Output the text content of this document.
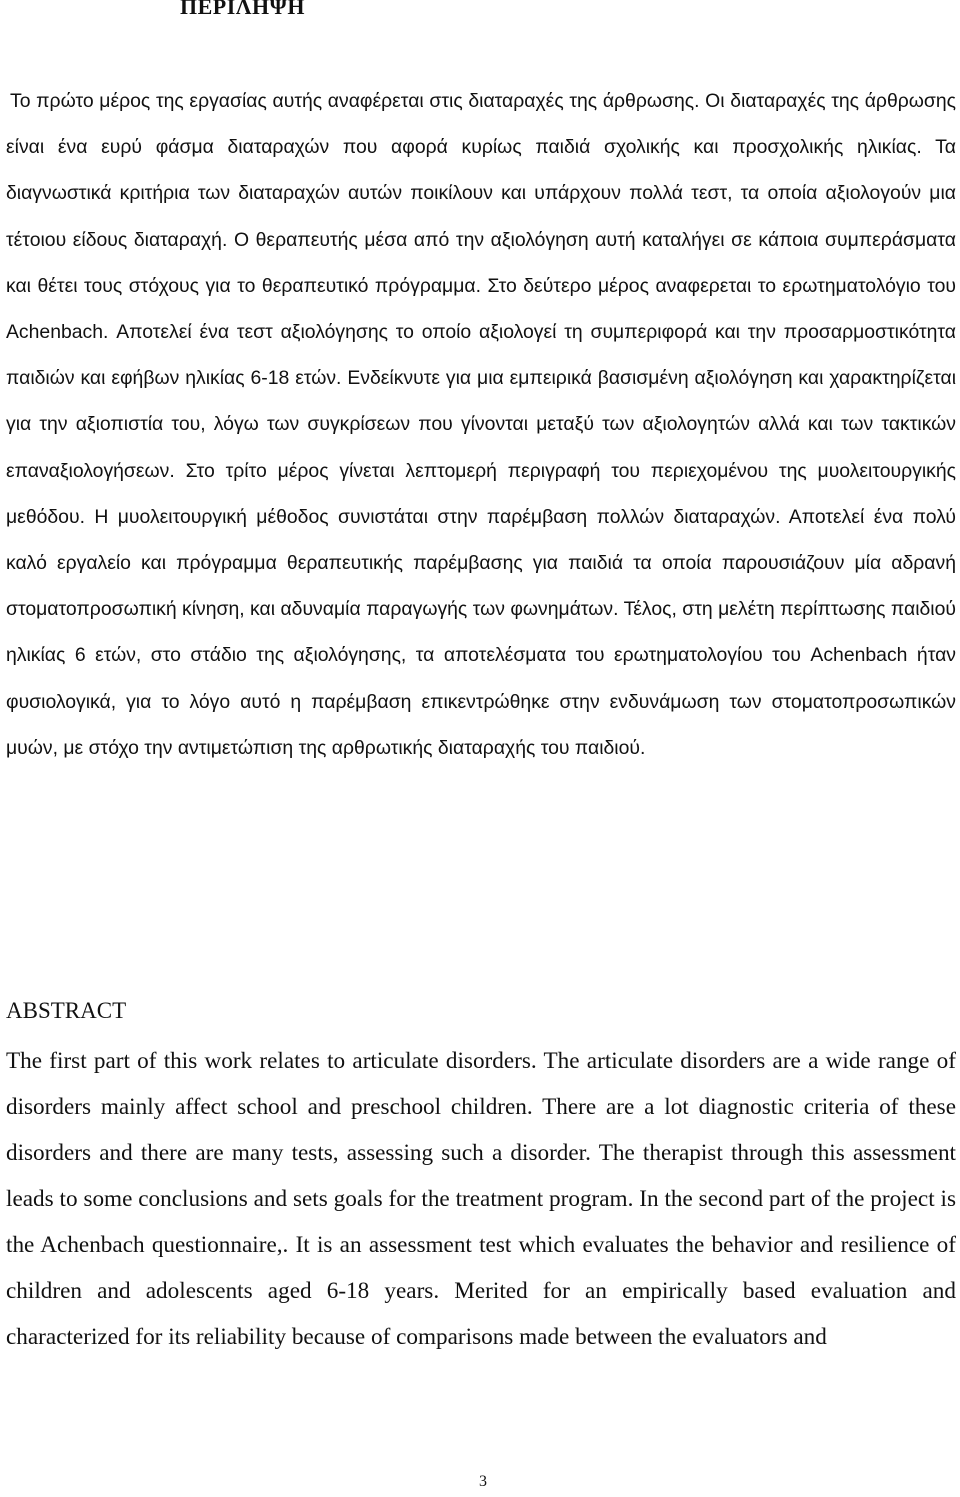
ΠΕΡΙΛΗΨΗ

Το πρώτο μέρος της εργασίας αυτής αναφέρεται στις διαταραχές της άρθρωσης. Οι διαταραχές της άρθρωσης είναι ένα ευρύ φάσμα διαταραχών που αφορά κυρίως παιδιά σχολικής και προσχολικής ηλικίας. Τα διαγνωστικά κριτήρια των διαταραχών αυτών ποικίλουν και υπάρχουν πολλά τεστ, τα οποία αξιολογούν μια τέτοιου είδους διαταραχή. Ο θεραπευτής μέσα από την αξιολόγηση αυτή καταλήγει σε κάποια συμπεράσματα και θέτει τους στόχους για το θεραπευτικό πρόγραμμα. Στο δεύτερο μέρος αναφερεται το ερωτηματολόγιο του Achenbach. Αποτελεί ένα τεστ αξιολόγησης το οποίο αξιολογεί τη συμπεριφορά και την προσαρμοστικότητα παιδιών και εφήβων ηλικίας 6-18 ετών. Ενδείκνυτε για μια εμπειρικά βασισμένη αξιολόγηση και χαρακτηρίζεται για την αξιοπιστία του, λόγω των συγκρίσεων που γίνονται μεταξύ των αξιολογητών αλλά και των τακτικών επαναξιολογήσεων. Στο τρίτο μέρος γίνεται λεπτομερή περιγραφή του περιεχομένου της μυολειτουργικής μεθόδου. Η μυολειτουργική μέθοδος συνιστάται στην παρέμβαση πολλών διαταραχών. Αποτελεί ένα πολύ καλό εργαλείο και πρόγραμμα θεραπευτικής παρέμβασης για παιδιά τα οποία παρουσιάζουν μία αδρανή στοματοπροσωπική κίνηση, και αδυναμία παραγωγής των φωνημάτων. Τέλος, στη μελέτη περίπτωσης παιδιού ηλικίας 6 ετών, στο στάδιο της αξιολόγησης, τα αποτελέσματα του ερωτηματολογίου του Achenbach ήταν φυσιολογικά, για το λόγο αυτό η παρέμβαση επικεντρώθηκε στην ενδυνάμωση των στοματοπροσωπικών μυών, με στόχο την αντιμετώπιση της αρθρωτικής διαταραχής του παιδιού.

ABSTRACT

The first part of this work relates to articulate disorders. The articulate disorders are a wide range of disorders mainly affect school and preschool children. There are a lot diagnostic criteria of these disorders and there are many tests, assessing such a disorder. The therapist through this assessment leads to some conclusions and sets goals for the treatment program. In the second part of the project is the Achenbach questionnaire,. It is an assessment test which evaluates the behavior and resilience of children and adolescents aged 6-18 years. Merited for an empirically based evaluation and characterized for its reliability because of comparisons made between the evaluators and

3
